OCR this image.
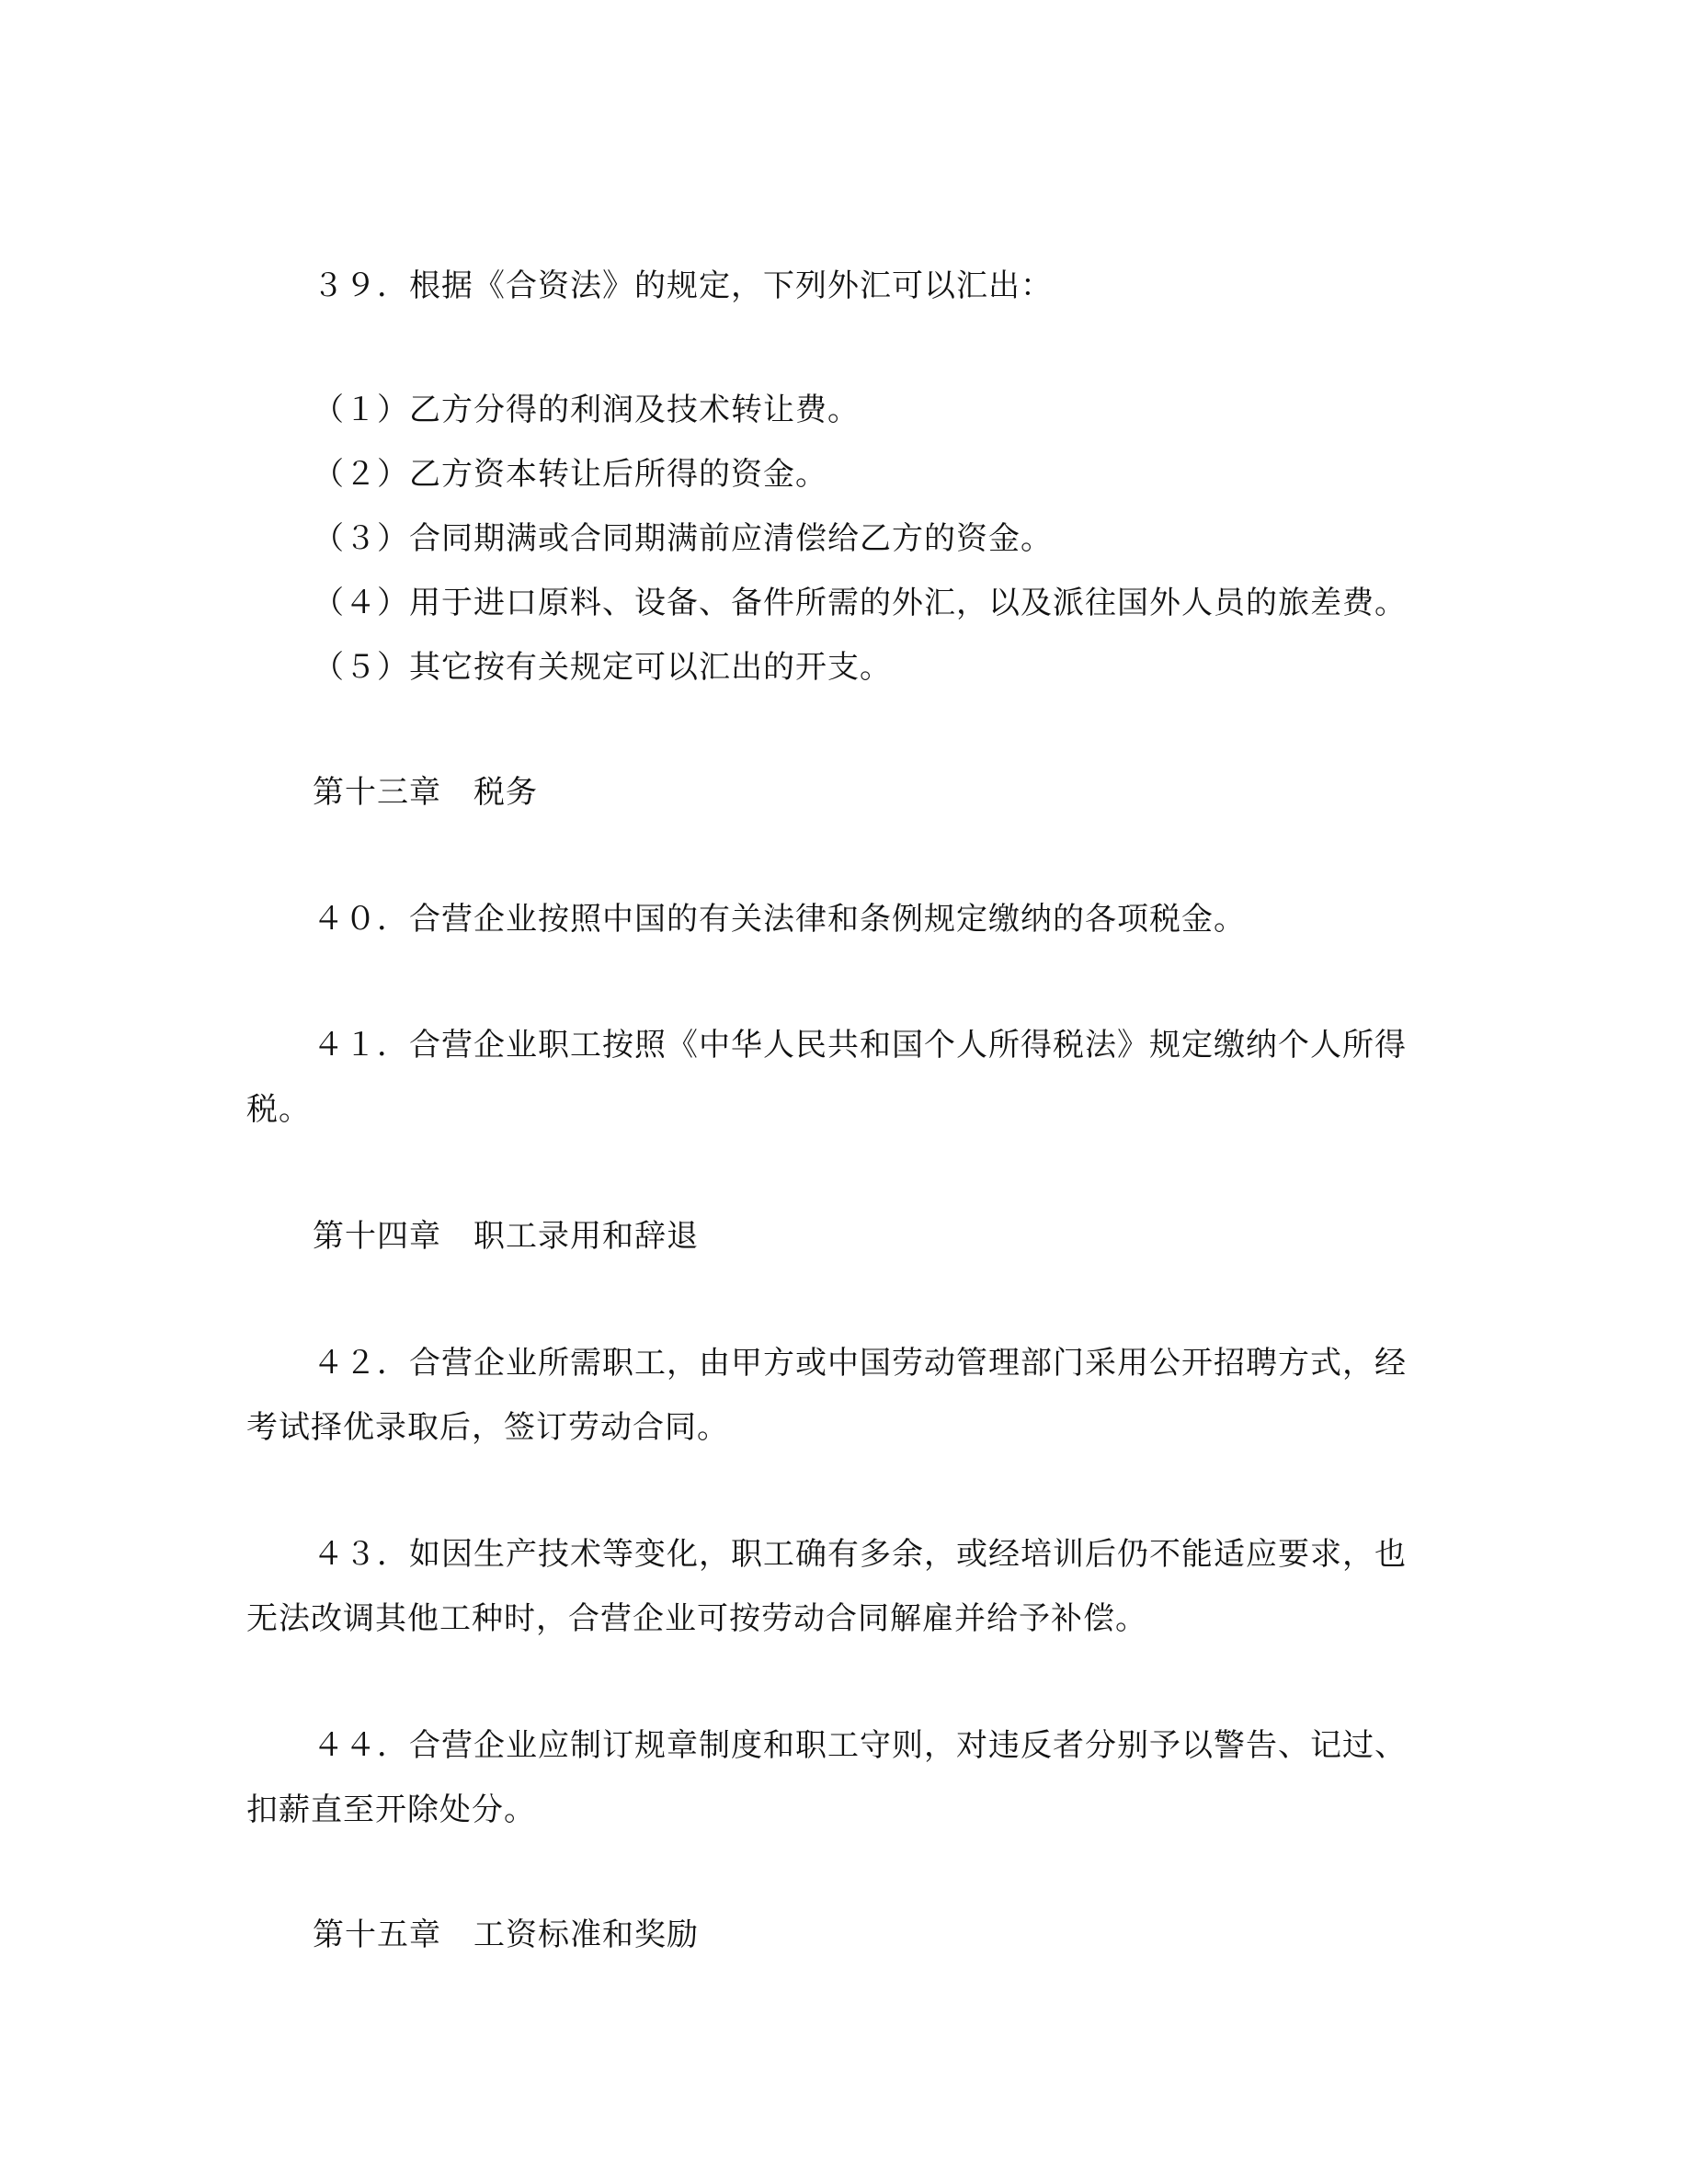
３９．根据《合资法》的规定，下列外汇可以汇出：
（１）乙方分得的利润及技术转让费。
（２）乙方资本转让后所得的资金。
（３）合同期满或合同期满前应清偿给乙方的资金。
（４）用于进口原料、设备、备件所需的外汇，以及派往国外人员的旅差费。
（５）其它按有关规定可以汇出的开支。
第十三章　税务
４０．合营企业按照中国的有关法律和条例规定缴纳的各项税金。
４１．合营企业职工按照《中华人民共和国个人所得税法》规定缴纳个人所得
税。
第十四章　职工录用和辞退
４２．合营企业所需职工，由甲方或中国劳动管理部门采用公开招聘方式，经
考试择优录取后，签订劳动合同。
４３．如因生产技术等变化，职工确有多余，或经培训后仍不能适应要求，也
无法改调其他工种时，合营企业可按劳动合同解雇并给予补偿。
４４．合营企业应制订规章制度和职工守则，对违反者分别予以警告、记过、
扣薪直至开除处分。
第十五章　工资标准和奖励
